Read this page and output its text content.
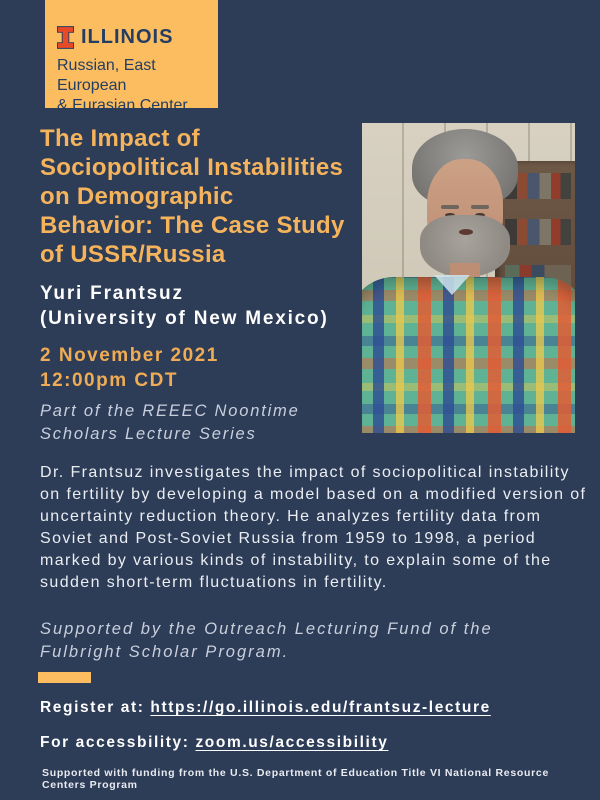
ILLINOIS
Russian, East European
& Eurasian Center
The Impact of
Sociopolitical Instabilities
on Demographic
Behavior: The Case Study
of USSR/Russia
Yuri Frantsuz
(University of New Mexico)
2 November 2021
12:00pm CDT
Part of the REEEC Noontime
Scholars Lecture Series
Dr. Frantsuz investigates the impact of sociopolitical instability on fertility by developing a model based on a modified version of uncertainty reduction theory. He analyzes fertility data from Soviet and Post-Soviet Russia from 1959 to 1998, a period marked by various kinds of instability, to explain some of the sudden short-term fluctuations in fertility.
Supported by the Outreach Lecturing Fund of the Fulbright Scholar Program.
Register at: https://go.illinois.edu/frantsuz-lecture
For accessbility: zoom.us/accessibility
Supported with funding from the U.S. Department of Education Title VI National Resource Centers Program
